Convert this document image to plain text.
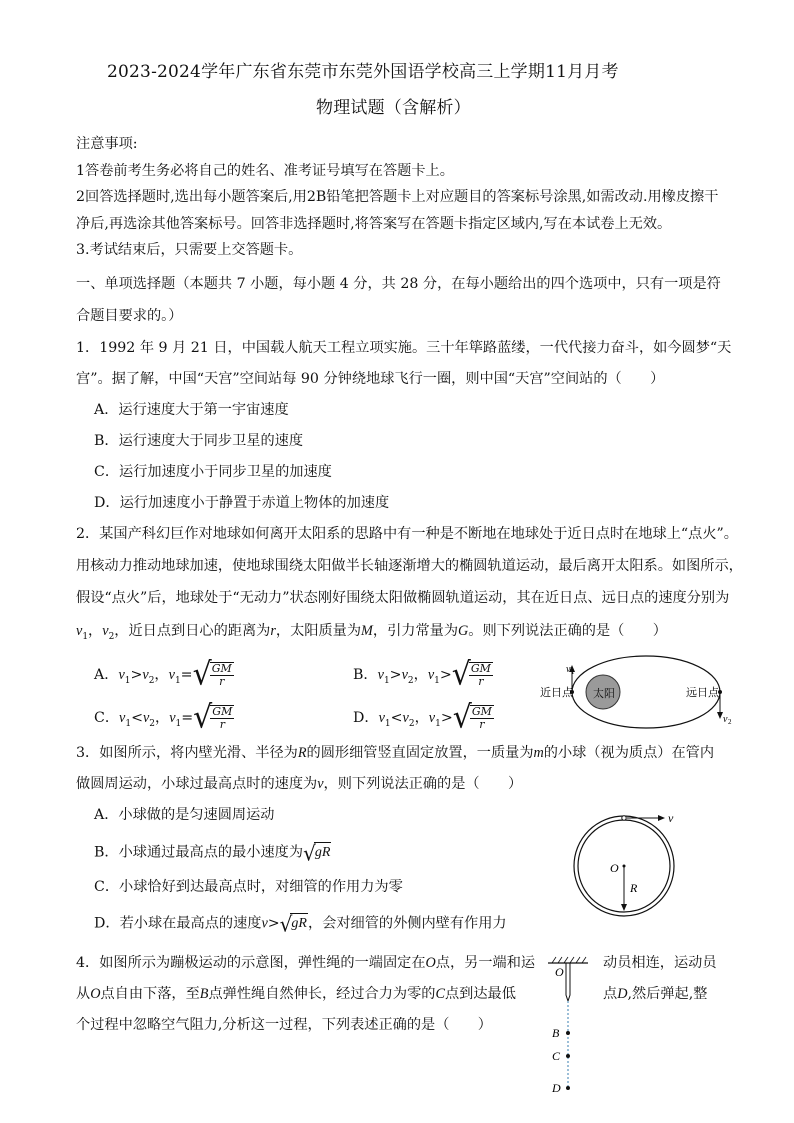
2023-2024学年广东省东莞市东莞外国语学校高三上学期11月月考
物理试题（含解析）
注意事项:
1答卷前考生务必将自己的姓名、准考证号填写在答题卡上。
2回答选择题时,选出每小题答案后,用2B铅笔把答题卡上对应题目的答案标号涂黑,如需改动.用橡皮擦干
净后,再选涂其他答案标号。回答非选择题时,将答案写在答题卡指定区域内,写在本试卷上无效。
3.考试结束后，只需要上交答题卡。
一、单项选择题（本题共 7 小题，每小题 4 分，共 28 分，在每小题给出的四个选项中，只有一项是符
合题目要求的。）
1．1992 年 9 月 21 日，中国载人航天工程立项实施。三十年筚路蓝缕，一代代接力奋斗，如今圆梦“天
宫”。据了解，中国“天宫”空间站每 90 分钟绕地球飞行一圈，则中国“天宫”空间站的（　　）
A．运行速度大于第一宇宙速度
B．运行速度大于同步卫星的速度
C．运行加速度小于同步卫星的加速度
D．运行加速度小于静置于赤道上物体的加速度
2．某国产科幻巨作对地球如何离开太阳系的思路中有一种是不断地在地球处于近日点时在地球上“点火”。
用核动力推动地球加速，使地球围绕太阳做半长轴逐渐增大的椭圆轨道运动，最后离开太阳系。如图所示，
假设“点火”后，地球处于“无动力”状态刚好围绕太阳做椭圆轨道运动，其在近日点、远日点的速度分别为
$v_1$，$v_2$，近日点到日心的距离为r，太阳质量为M，引力常量为G。则下列说法正确的是（　　）
A．$v_1>v_2$，$v_1=√$
$\frac{GM}{r}$	B．$v_1>v_2$，$v_1>√$
$\frac{GM}{r}$
C．$v_1<v_2$，$v_1=√$
$\frac{GM}{r}$	D．$v_1<v_2$，$v_1>√$
$\frac{GM}{r}$
太阳
v 1
v 2
近日点	远日点
3．如图所示，将内壁光滑、半径为R的圆形细管竖直固定放置，一质量为m的小球（视为质点）在管内
做圆周运动，小球过最高点时的速度为v，则下列说法正确的是（　　）
A．小球做的是匀速圆周运动
B．小球通过最高点的最小速度为√gR
C．小球恰好到达最高点时，对细管的作用力为零
D．若小球在最高点的速度v>√gR，会对细管的外侧内壁有作用力
v
O
R
4．如图所示为蹦极运动的示意图，弹性绳的一端固定在O点，另一端和运	动员相连，运动员
从O点自由下落，至B点弹性绳自然伸长，经过合力为零的C点到达最低	点D,然后弹起,整
个过程中忽略空气阻力,分析这一过程，下列表述正确的是（　　）
O
B
C
D
